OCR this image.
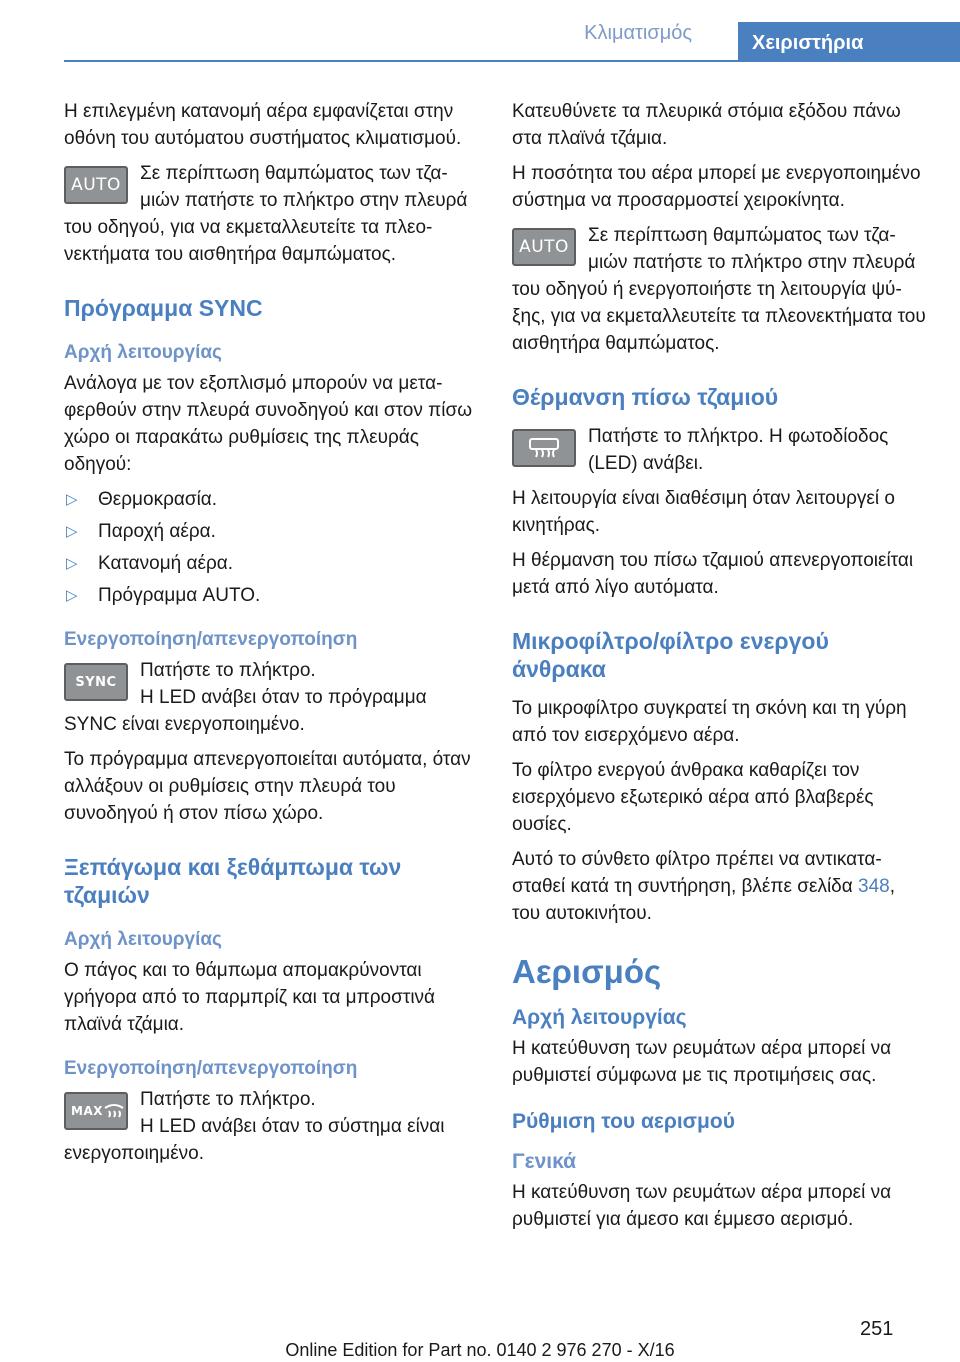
Κλιματισμός	Χειριστήρια

Η επιλεγμένη κατανομή αέρα εμφανίζεται στην οθόνη του αυτόματου συστήματος κλιματισμού.

AUTO

Σε περίπτωση θαμπώματος των τζαμιών πατήστε το πλήκτρο στην πλευρά του οδηγού, για να εκμεταλλευτείτε τα πλεονεκτήματα του αισθητήρα θαμπώματος.

Πρόγραμμα SYNC
Αρχή λειτουργίας

Ανάλογα με τον εξοπλισμό μπορούν να μεταφερθούν στην πλευρά συνοδηγού και στον πίσω χώρο οι παρακάτω ρυθμίσεις της πλευράς οδηγού:

▷ Θερμοκρασία.
▷ Παροχή αέρα.
▷ Κατανομή αέρα.
▷ Πρόγραμμα AUTO.
Ενεργοποίηση/απενεργοποίηση
SYNC

Πατήστε το πλήκτρο.

Η LED ανάβει όταν το πρόγραμμα SYNC είναι ενεργοποιημένο.

Το πρόγραμμα απενεργοποιείται αυτόματα, όταν αλλάξουν οι ρυθμίσεις στην πλευρά του συνοδηγού ή στον πίσω χώρο.

Ξεπάγωμα και ξεθάμπωμα των τζαμιών
Αρχή λειτουργίας

Ο πάγος και το θάμπωμα απομακρύνονται γρήγορα από το παρμπρίζ και τα μπροστινά πλαϊνά τζάμια.

Ενεργοποίηση/απενεργοποίηση
MAX

Πατήστε το πλήκτρο.

Η LED ανάβει όταν το σύστημα είναι ενεργοποιημένο.

Κατευθύνετε τα πλευρικά στόμια εξόδου πάνω στα πλαϊνά τζάμια.

Η ποσότητα του αέρα μπορεί με ενεργοποιημένο σύστημα να προσαρμοστεί χειροκίνητα.

AUTO

Σε περίπτωση θαμπώματος των τζαμιών πατήστε το πλήκτρο στην πλευρά του οδηγού ή ενεργοποιήστε τη λειτουργία ψύξης, για να εκμεταλλευτείτε τα πλεονεκτήματα του αισθητήρα θαμπώματος.

Θέρμανση πίσω τζαμιού

Πατήστε το πλήκτρο. Η φωτοδίοδος (LED) ανάβει.

Η λειτουργία είναι διαθέσιμη όταν λειτουργεί ο κινητήρας.

Η θέρμανση του πίσω τζαμιού απενεργοποιείται μετά από λίγο αυτόματα.

Μικροφίλτρο/φίλτρο ενεργού άνθρακα

Το μικροφίλτρο συγκρατεί τη σκόνη και τη γύρη από τον εισερχόμενο αέρα.

Το φίλτρο ενεργού άνθρακα καθαρίζει τον εισερχόμενο εξωτερικό αέρα από βλαβερές ουσίες.

Αυτό το σύνθετο φίλτρο πρέπει να αντικατασταθεί κατά τη συντήρηση, βλέπε σελίδα 348, του αυτοκινήτου.

Αερισμός
Αρχή λειτουργίας

Η κατεύθυνση των ρευμάτων αέρα μπορεί να ρυθμιστεί σύμφωνα με τις προτιμήσεις σας.

Ρύθμιση του αερισμού
Γενικά

Η κατεύθυνση των ρευμάτων αέρα μπορεί να ρυθμιστεί για άμεσο και έμμεσο αερισμό.

251
Online Edition for Part no. 0140 2 976 270 - X/16
